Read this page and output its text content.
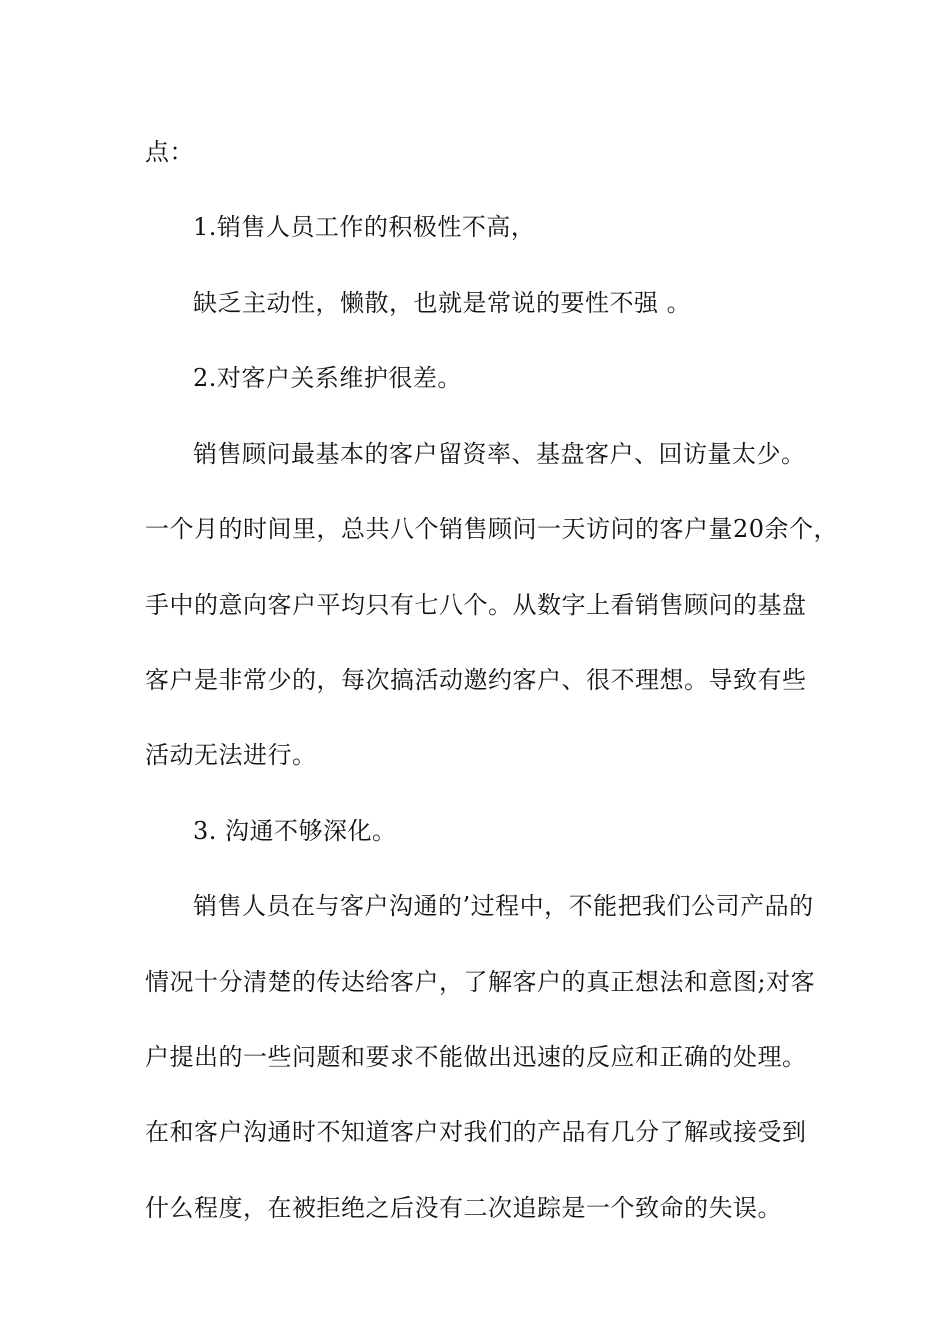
点：
1.销售人员工作的积极性不高，
缺乏主动性，懒散，也就是常说的要性不强 。
2.对客户关系维护很差。
销售顾问最基本的客户留资率、基盘客户、回访量太少。
一个月的时间里，总共八个销售顾问一天访问的客户量20余个，
手中的意向客户平均只有七八个。从数字上看销售顾问的基盘
客户是非常少的，每次搞活动邀约客户、很不理想。导致有些
活动无法进行。
3. 沟通不够深化。
销售人员在与客户沟通的’过程中，不能把我们公司产品的
情况十分清楚的传达给客户，了解客户的真正想法和意图;对客
户提出的一些问题和要求不能做出迅速的反应和正确的处理。
在和客户沟通时不知道客户对我们的产品有几分了解或接受到
什么程度，在被拒绝之后没有二次追踪是一个致命的失误。
